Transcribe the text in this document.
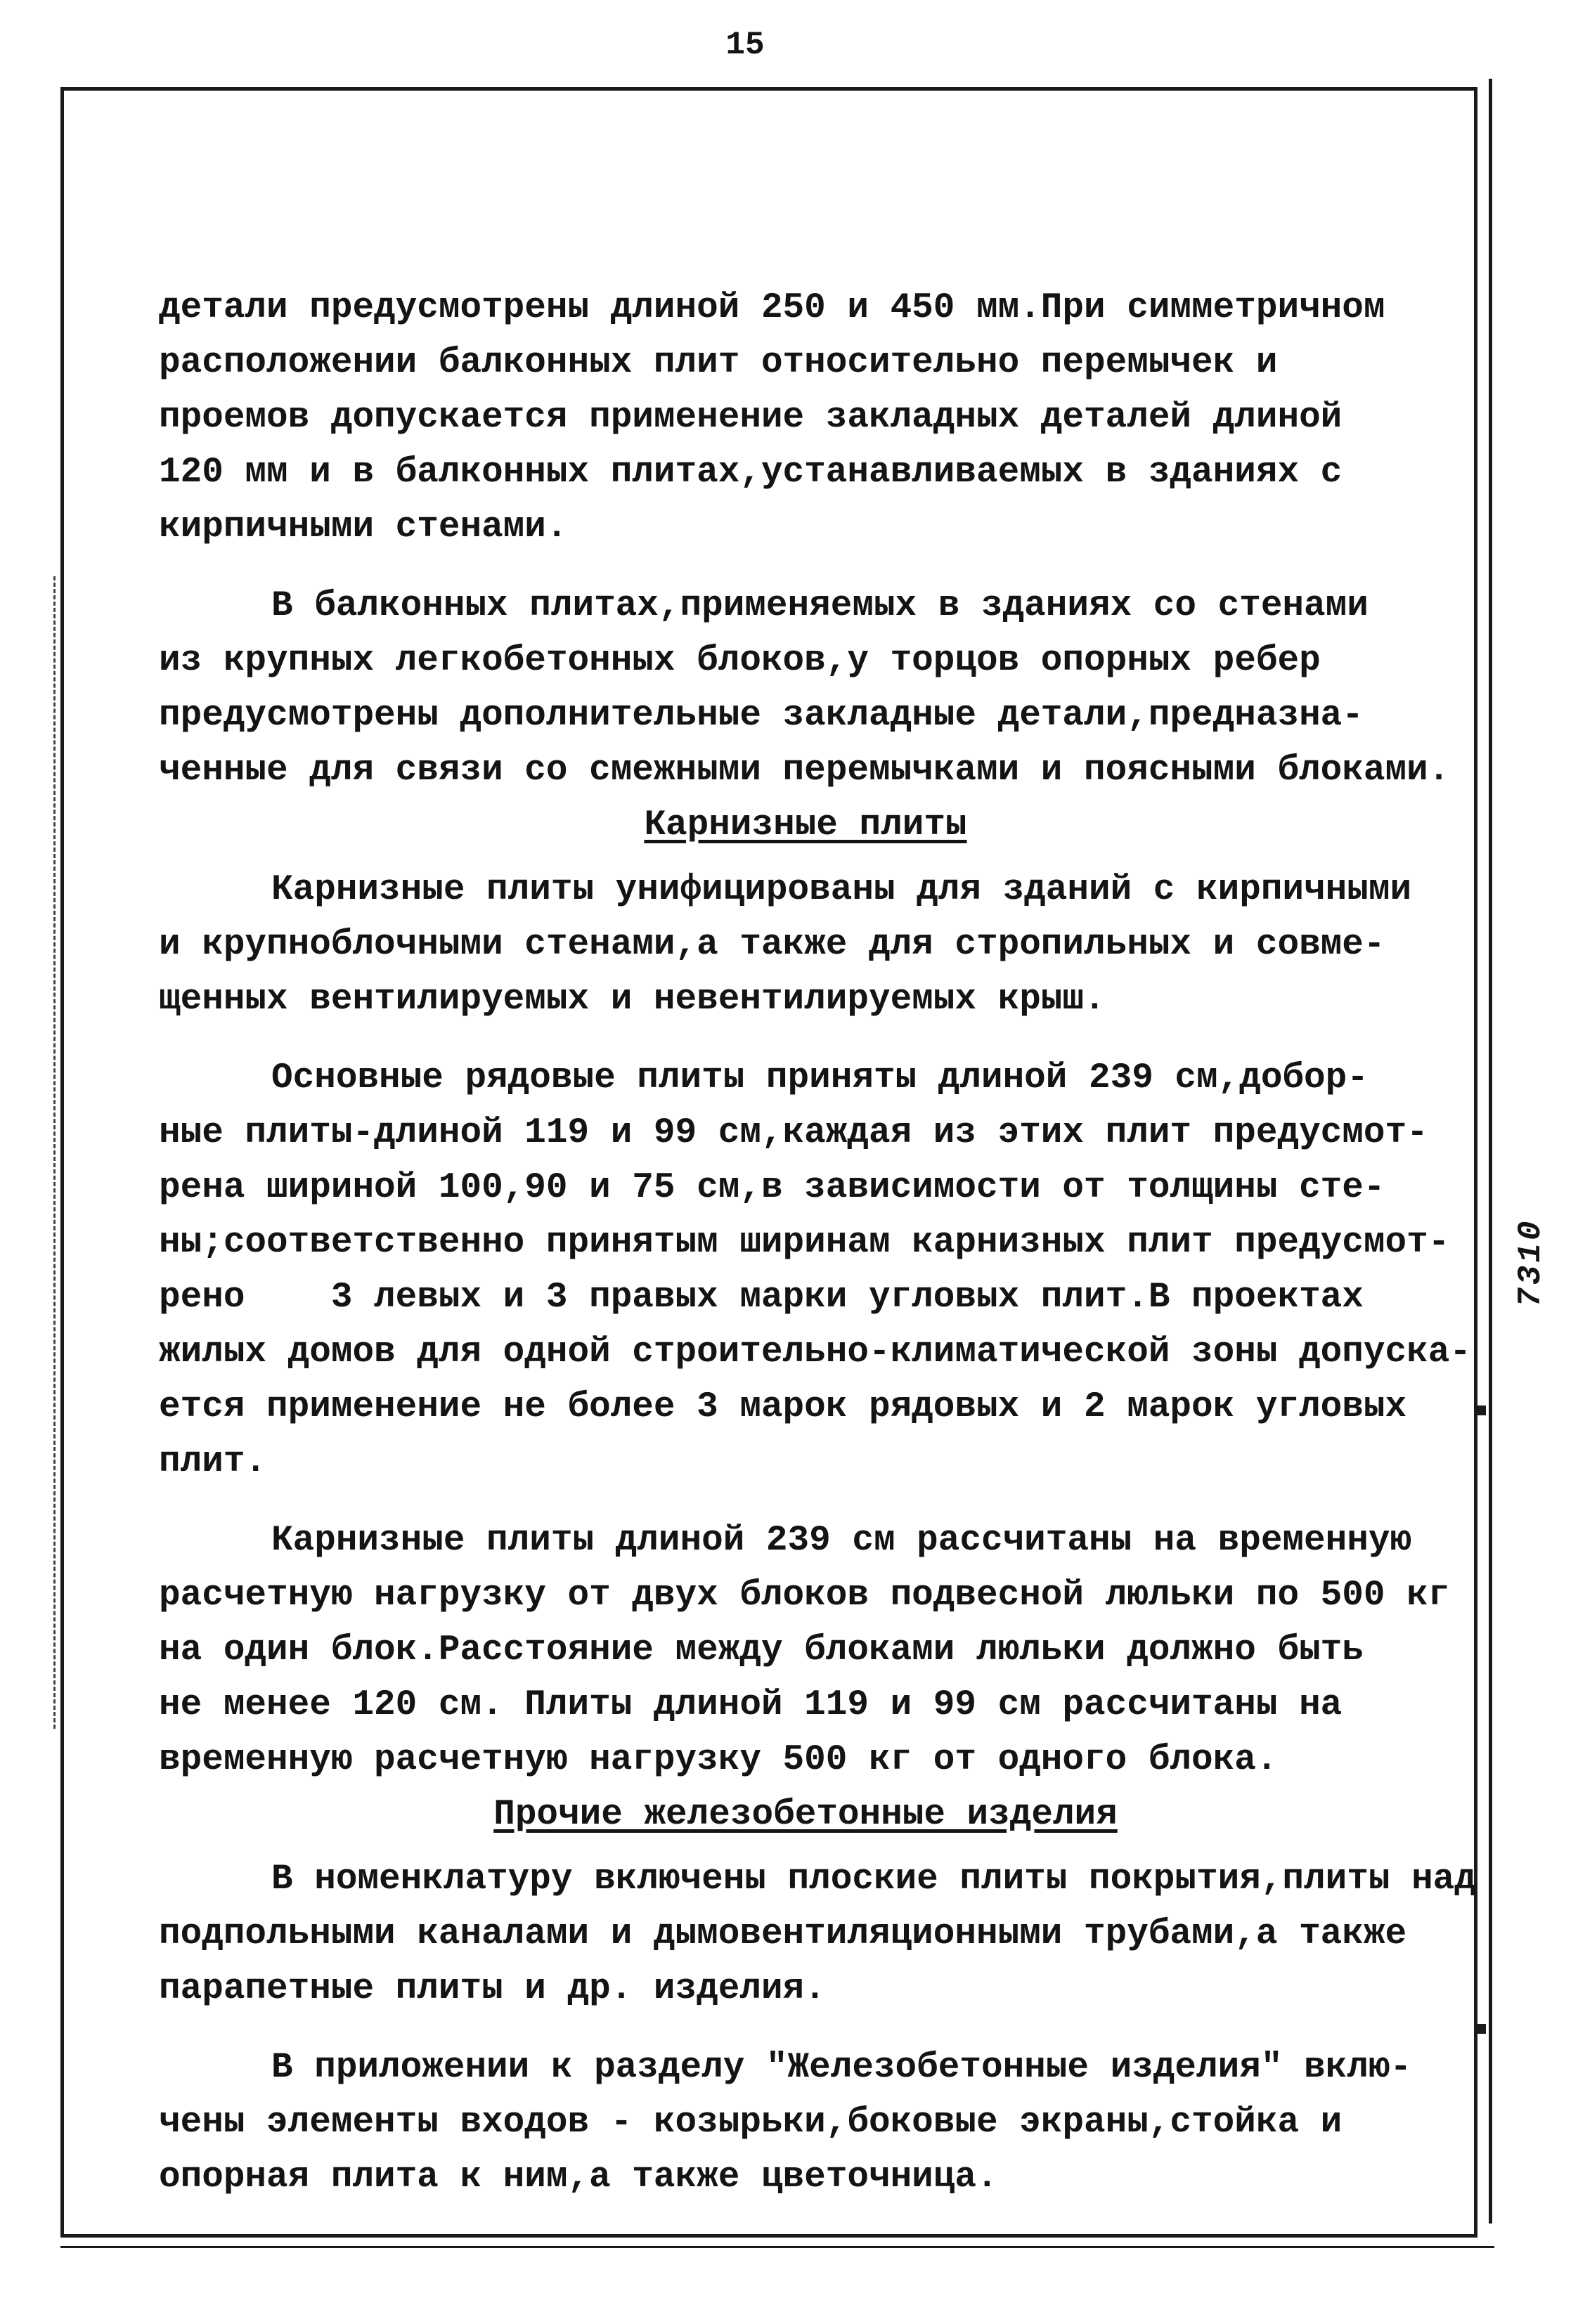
15
7310
детали предусмотрены длиной 250 и 450 мм.При симметричном
расположении балконных плит относительно перемычек и
проемов допускается применение закладных деталей длиной
120 мм и в балконных плитах,устанавливаемых в зданиях с
кирпичными стенами.
В балконных плитах,применяемых в зданиях со стенами
из крупных легкобетонных блоков,у торцов опорных ребер
предусмотрены дополнительные закладные детали,предназна-
ченные для связи со смежными перемычками и поясными блоками.
Карнизные плиты
Карнизные плиты унифицированы для зданий с кирпичными
и крупноблочными стенами,а также для стропильных и совме-
щенных вентилируемых и невентилируемых крыш.
Основные рядовые плиты приняты длиной 239 см,добор-
ные плиты-длиной 119 и 99 см,каждая из этих плит предусмот-
рена шириной 100,90 и 75 см,в зависимости от толщины сте-
ны;соответственно принятым ширинам карнизных плит предусмот-
рено    3 левых и 3 правых марки угловых плит.В проектах
жилых домов для одной строительно-климатической зоны допуска-
ется применение не более 3 марок рядовых и 2 марок угловых
плит.
Карнизные плиты длиной 239 см рассчитаны на временную
расчетную нагрузку от двух блоков подвесной люльки по 500 кг
на один блок.Расстояние между блоками люльки должно быть
не менее 120 см. Плиты длиной 119 и 99 см рассчитаны на
временную расчетную нагрузку 500 кг от одного блока.
Прочие железобетонные изделия
В номенклатуру включены плоские плиты покрытия,плиты над
подпольными каналами и дымовентиляционными трубами,а также
парапетные плиты и др. изделия.
В приложении к разделу "Железобетонные изделия" вклю-
чены элементы входов - козырьки,боковые экраны,стойка и
опорная плита к ним,а также цветочница.
